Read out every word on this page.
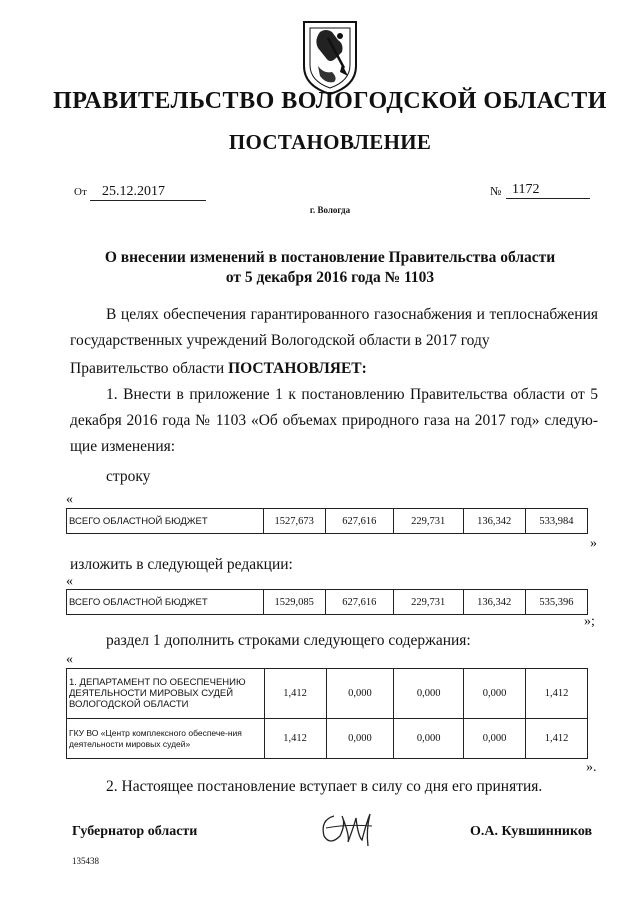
ПРАВИТЕЛЬСТВО ВОЛОГОДСКОЙ ОБЛАСТИ
ПОСТАНОВЛЕНИЕ
От	25.12.2017	№ 1172
г. Вологда
О внесении изменений в постановление Правительства области
от 5 декабря 2016 года № 1103
В целях обеспечения гарантированного газоснабжения и теплоснабжения государственных учреждений Вологодской области в 2017 году
Правительство области ПОСТАНОВЛЯЕТ:
1. Внести в приложение 1 к постановлению Правительства области от 5 декабря 2016 года № 1103 «Об объемах природного газа на 2017 год» следую-щие изменения:
строку
«
ВСЕГО ОБЛАСТНОЙ БЮДЖЕТ	1527,673	627,616	229,731	136,342	533,984
»
изложить в следующей редакции:
«
ВСЕГО ОБЛАСТНОЙ БЮДЖЕТ	1529,085	627,616	229,731	136,342	535,396
»;
раздел 1 дополнить строками следующего содержания:
«
1. ДЕПАРТАМЕНТ ПО ОБЕСПЕЧЕНИЮ ДЕЯТЕЛЬНОСТИ МИРОВЫХ СУДЕЙ ВОЛОГОДСКОЙ ОБЛАСТИ	1,412	0,000	0,000	0,000	1,412
ГКУ ВО «Центр комплексного обеспече-ния деятельности мировых судей»	1,412	0,000	0,000	0,000	1,412
».
2. Настоящее постановление вступает в силу со дня его принятия.
Губернатор области	О.А. Кувшинников
135438
